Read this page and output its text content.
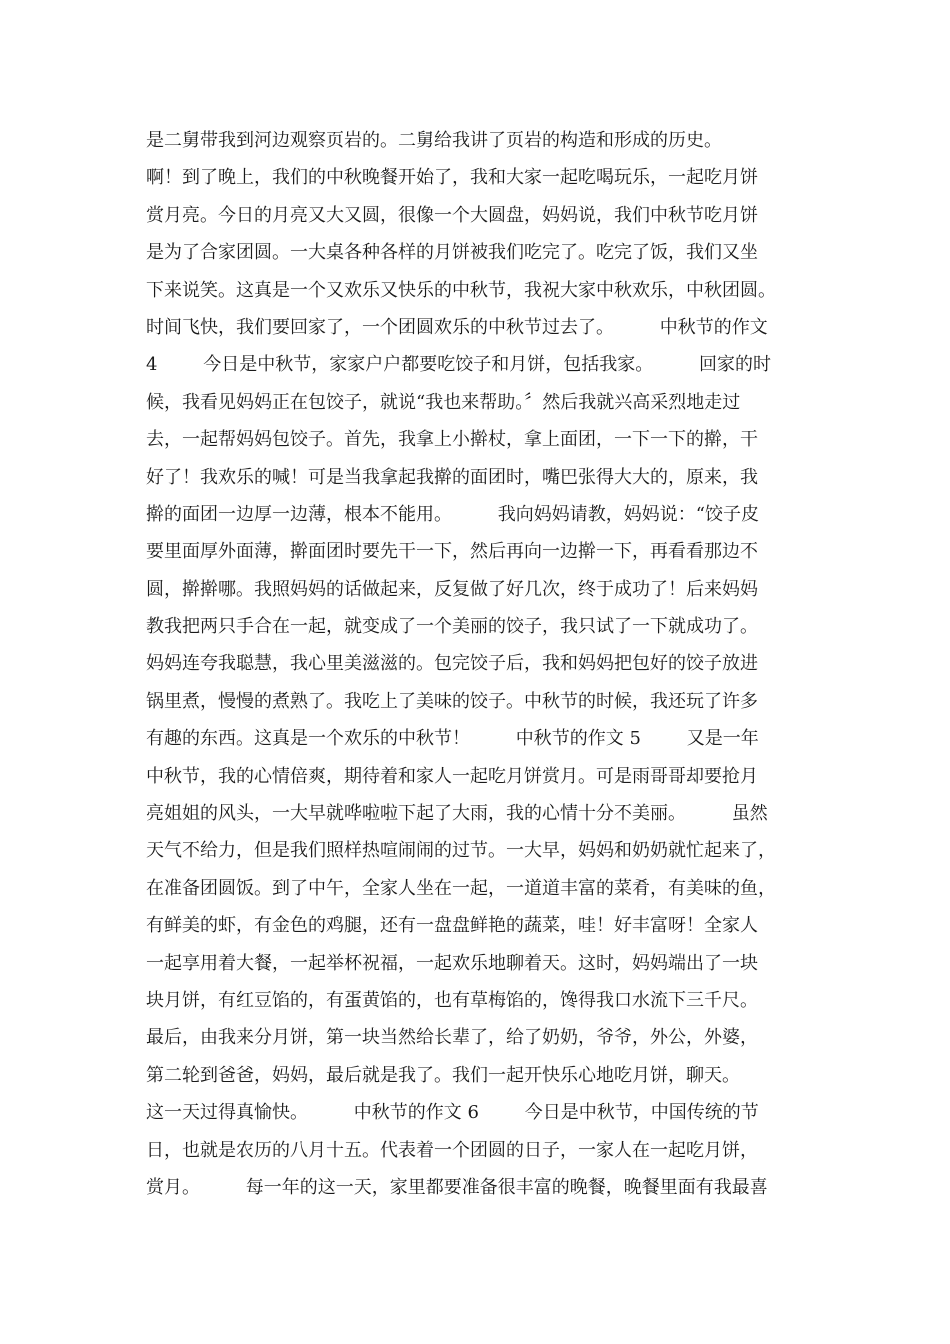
是二舅带我到河边观察页岩的。二舅给我讲了页岩的构造和形成的历史。
啊！到了晚上，我们的中秋晚餐开始了，我和大家一起吃喝玩乐，一起吃月饼
赏月亮。今日的月亮又大又圆，很像一个大圆盘，妈妈说，我们中秋节吃月饼
是为了合家团圆。一大桌各种各样的月饼被我们吃完了。吃完了饭，我们又坐
下来说笑。这真是一个又欢乐又快乐的中秋节，我祝大家中秋欢乐，中秋团圆。
时间飞快，我们要回家了，一个团圆欢乐的中秋节过去了。        中秋节的作文
4        今日是中秋节，家家户户都要吃饺子和月饼，包括我家。        回家的时
候，我看见妈妈正在包饺子，就说“我也来帮助。〞然后我就兴高采烈地走过
去，一起帮妈妈包饺子。首先，我拿上小擀杖，拿上面团，一下一下的擀，干
好了！我欢乐的喊！可是当我拿起我擀的面团时，嘴巴张得大大的，原来，我
擀的面团一边厚一边薄，根本不能用。        我向妈妈请教，妈妈说：“饺子皮
要里面厚外面薄，擀面团时要先干一下，然后再向一边擀一下，再看看那边不
圆，擀擀哪。我照妈妈的话做起来，反复做了好几次，终于成功了！后来妈妈
教我把两只手合在一起，就变成了一个美丽的饺子，我只试了一下就成功了。
妈妈连夸我聪慧，我心里美滋滋的。包完饺子后，我和妈妈把包好的饺子放进
锅里煮，慢慢的煮熟了。我吃上了美味的饺子。中秋节的时候，我还玩了许多
有趣的东西。这真是一个欢乐的中秋节！        中秋节的作文 5        又是一年
中秋节，我的心情倍爽，期待着和家人一起吃月饼赏月。可是雨哥哥却要抢月
亮姐姐的风头，一大早就哗啦啦下起了大雨，我的心情十分不美丽。        虽然
天气不给力，但是我们照样热喧闹闹的过节。一大早，妈妈和奶奶就忙起来了，
在准备团圆饭。到了中午，全家人坐在一起，一道道丰富的菜肴，有美味的鱼，
有鲜美的虾，有金色的鸡腿，还有一盘盘鲜艳的蔬菜，哇！好丰富呀！全家人
一起享用着大餐，一起举杯祝福，一起欢乐地聊着天。这时，妈妈端出了一块
块月饼，有红豆馅的，有蛋黄馅的，也有草梅馅的，馋得我口水流下三千尺。
最后，由我来分月饼，第一块当然给长辈了，给了奶奶，爷爷，外公，外婆，
第二轮到爸爸，妈妈，最后就是我了。我们一起开快乐心地吃月饼，聊天。
这一天过得真愉快。        中秋节的作文 6        今日是中秋节，中国传统的节
日，也就是农历的八月十五。代表着一个团圆的日子，一家人在一起吃月饼，
赏月。        每一年的这一天，家里都要准备很丰富的晚餐，晚餐里面有我最喜
